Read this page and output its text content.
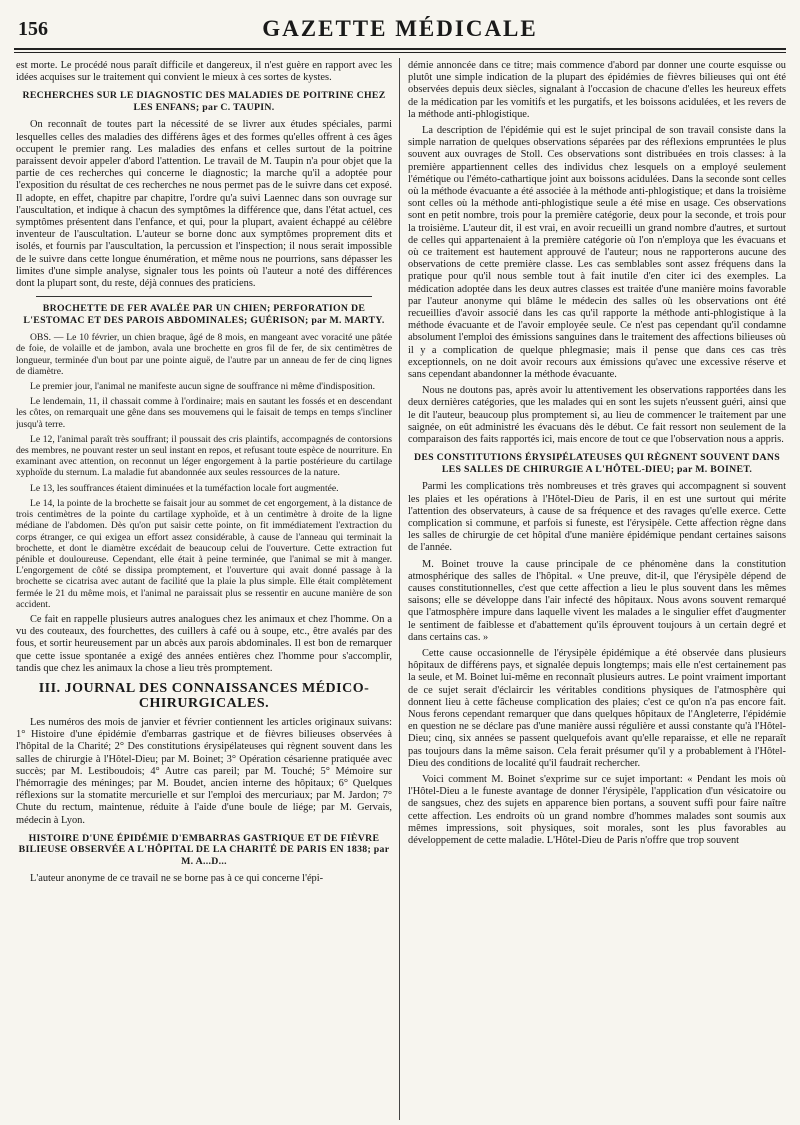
156	GAZETTE MÉDICALE

est morte. Le procédé nous paraît difficile et dangereux, il n'est guère en rapport avec les idées acquises sur le traitement qui convient le mieux à ces sortes de kystes.

RECHERCHES SUR LE DIAGNOSTIC DES MALADIES DE POITRINE CHEZ LES ENFANS; par C. TAUPIN.

On reconnaît de toutes part la nécessité de se livrer aux études spéciales, parmi lesquelles celles des maladies des différens âges et des formes qu'elles offrent à ces âges occupent le premier rang. Les maladies des enfans et celles surtout de la poitrine paraissent devoir appeler d'abord l'attention. Le travail de M. Taupin n'a pour objet que la partie de ces recherches qui concerne le diagnostic; la marche qu'il a adoptée pour l'exposition du résultat de ces recherches ne nous permet pas de le suivre dans cet exposé. Il adopte, en effet, chapitre par chapitre, l'ordre qu'a suivi Laennec dans son ouvrage sur l'auscultation, et indique à chacun des symptômes la différence que, dans l'état actuel, ces symptômes présentent dans l'enfance, et qui, pour la plupart, avaient échappé au célèbre inventeur de l'auscultation. L'auteur se borne donc aux symptômes proprement dits et isolés, et fournis par l'auscultation, la percussion et l'inspection; il nous serait impossible de le suivre dans cette longue énumération, et même nous ne pourrions, sans dépasser les limites d'une simple analyse, signaler tous les points où l'auteur a noté des différences dont la plupart sont, du reste, déjà connues des praticiens.

BROCHETTE DE FER AVALÉE PAR UN CHIEN; PERFORATION DE L'ESTOMAC ET DES PAROIS ABDOMINALES; GUÉRISON; par M. MARTY.

OBS. — Le 10 février, un chien braque, âgé de 8 mois, en mangeant avec voracité une pâtée de foie, de volaille et de jambon, avala une brochette en gros fil de fer, de six centimètres de longueur, terminée d'un bout par une pointe aiguë, de l'autre par un anneau de fer de cinq lignes de diamètre.

Le premier jour, l'animal ne manifeste aucun signe de souffrance ni même d'indisposition.

Le lendemain, 11, il chassait comme à l'ordinaire; mais en sautant les fossés et en descendant les côtes, on remarquait une gêne dans ses mouvemens qui le faisait de temps en temps s'incliner jusqu'à terre.

Le 12, l'animal paraît très souffrant; il poussait des cris plaintifs, accompagnés de contorsions des membres, ne pouvant rester un seul instant en repos, et refusant toute espèce de nourriture. En examinant avec attention, on reconnut un léger engorgement à la partie postérieure du cartilage xyphoïde du sternum. La maladie fut abandonnée aux seules ressources de la nature.

Le 13, les souffrances étaient diminuées et la tuméfaction locale fort augmentée.

Le 14, la pointe de la brochette se faisait jour au sommet de cet engorgement, à la distance de trois centimètres de la pointe du cartilage xyphoïde, et à un centimètre à droite de la ligne médiane de l'abdomen. Dès qu'on put saisir cette pointe, on fit immédiatement l'extraction du corps étranger, ce qui exigea un effort assez considérable, à cause de l'anneau qui terminait la brochette, et dont le diamètre excédait de beaucoup celui de l'ouverture. Cette extraction fut pénible et douloureuse. Cependant, elle était à peine terminée, que l'animal se mit à manger. L'engorgement de côté se dissipa promptement, et l'ouverture qui avait donné passage à la brochette se cicatrisa avec autant de facilité que la plaie la plus simple. Elle était complètement fermée le 21 du même mois, et l'animal ne paraissait plus se ressentir en aucune manière de son accident.

Ce fait en rappelle plusieurs autres analogues chez les animaux et chez l'homme. On a vu des couteaux, des fourchettes, des cuillers à café ou à soupe, etc., être avalés par des fous, et sortir heureusement par un abcès aux parois abdominales. Il est bon de remarquer que cette issue spontanée a exigé des années entières chez l'homme pour s'accomplir, tandis que chez les animaux la chose a lieu très promptement.

III. JOURNAL DES CONNAISSANCES MÉDICO-CHIRURGICALES.

Les numéros des mois de janvier et février contiennent les articles originaux suivans: 1° Histoire d'une épidémie d'embarras gastrique et de fièvres bilieuses observées à l'hôpital de la Charité; 2° Des constitutions érysipélateuses qui règnent souvent dans les salles de chirurgie à l'Hôtel-Dieu; par M. Boinet; 3° Opération césarienne pratiquée avec succès; par M. Lestiboudois; 4° Autre cas pareil; par M. Touché; 5° Mémoire sur l'hémorragie des méninges; par M. Boudet, ancien interne des hôpitaux; 6° Quelques réflexions sur la stomatite mercurielle et sur l'emploi des mercuriaux; par M. Jardon; 7° Chute du rectum, maintenue, réduite à l'aide d'une boule de liége; par M. Gervais, médecin à Lyon.

HISTOIRE D'UNE ÉPIDÉMIE D'EMBARRAS GASTRIQUE ET DE FIÈVRE BILIEUSE OBSERVÉE A L'HÔPITAL DE LA CHARITÉ DE PARIS EN 1838; par M. A...D...

L'auteur anonyme de ce travail ne se borne pas à ce qui concerne l'épi-

démie annoncée dans ce titre; mais commence d'abord par donner une courte esquisse ou plutôt une simple indication de la plupart des épidémies de fièvres bilieuses qui ont été observées depuis deux siècles, signalant à l'occasion de chacune d'elles les heureux effets de la médication par les vomitifs et les purgatifs, et les boissons acidulées, et les revers de la méthode anti-phlogistique.

La description de l'épidémie qui est le sujet principal de son travail consiste dans la simple narration de quelques observations séparées par des réflexions empruntées le plus souvent aux ouvrages de Stoll. Ces observations sont distribuées en trois classes: à la première appartiennent celles des individus chez lesquels on a employé seulement l'émétique ou l'éméto-cathartique joint aux boissons acidulées. Dans la seconde sont celles où la méthode évacuante a été associée à la méthode anti-phlogistique; et dans la troisième sont celles où la méthode anti-phlogistique seule a été mise en usage. Ces observations sont en petit nombre, trois pour la première catégorie, deux pour la seconde, et trois pour la troisième. L'auteur dit, il est vrai, en avoir recueilli un grand nombre d'autres, et surtout de celles qui appartenaient à la première catégorie où l'on n'employa que les évacuans et où ce traitement est hautement approuvé de l'auteur; nous ne rapporterons aucune des observations de cette première classe. Les cas semblables sont assez fréquens dans la pratique pour qu'il nous semble tout à fait inutile d'en citer ici des exemples. La médication adoptée dans les deux autres classes est traitée d'une manière moins favorable par l'auteur anonyme qui blâme le médecin des salles où les observations ont été recueillies d'avoir associé dans les cas qu'il rapporte la méthode anti-phlogistique à la méthode évacuante et de l'avoir employée seule. Ce n'est pas cependant qu'il condamne absolument l'emploi des émissions sanguines dans le traitement des affections bilieuses où il y a complication de quelque phlegmasie; mais il pense que dans ces cas très exceptionnels, on ne doit avoir recours aux émissions qu'avec une excessive réserve et sans cependant abandonner la méthode évacuante.

Nous ne doutons pas, après avoir lu attentivement les observations rapportées dans les deux dernières catégories, que les malades qui en sont les sujets n'eussent guéri, ainsi que le dit l'auteur, beaucoup plus promptement si, au lieu de commencer le traitement par une saignée, on eût administré les évacuans dès le début. Ce fait ressort non seulement de la comparaison des faits rapportés ici, mais encore de tout ce que l'observation nous a appris.

DES CONSTITUTIONS ÉRYSIPÉLATEUSES QUI RÈGNENT SOUVENT DANS LES SALLES DE CHIRURGIE A L'HÔTEL-DIEU; par M. BOINET.

Parmi les complications très nombreuses et très graves qui accompagnent si souvent les plaies et les opérations à l'Hôtel-Dieu de Paris, il en est une surtout qui mérite l'attention des observateurs, à cause de sa fréquence et des ravages qu'elle exerce. Cette complication si commune, et parfois si funeste, est l'érysipèle. Cette affection règne dans les salles de chirurgie de cet hôpital d'une manière épidémique pendant certaines saisons de l'année.

M. Boinet trouve la cause principale de ce phénomène dans la constitution atmosphérique des salles de l'hôpital. « Une preuve, dit-il, que l'érysipèle dépend de causes constitutionnelles, c'est que cette affection a lieu le plus souvent dans les mêmes saisons; elle se développe dans l'air infecté des hôpitaux. Nous avons souvent remarqué que l'atmosphère impure dans laquelle vivent les malades a le singulier effet d'augmenter le sentiment de faiblesse et d'abattement qu'ils éprouvent toujours à un certain degré et dans certains cas. »

Cette cause occasionnelle de l'érysipèle épidémique a été observée dans plusieurs hôpitaux de différens pays, et signalée depuis longtemps; mais elle n'est certainement pas la seule, et M. Boinet lui-même en reconnaît plusieurs autres. Le point vraiment important de ce sujet serait d'éclaircir les véritables conditions physiques de l'atmosphère qui donnent lieu à cette fâcheuse complication des plaies; c'est ce qu'on n'a pas encore fait. Nous ferons cependant remarquer que dans quelques hôpitaux de l'Angleterre, l'épidémie en question ne se déclare pas d'une manière aussi régulière et aussi constante qu'à l'Hôtel-Dieu; cinq, six années se passent quelquefois avant qu'elle reparaisse, et elle ne reparaît pas toujours dans la même saison. Cela ferait présumer qu'il y a probablement à l'Hôtel-Dieu des conditions de localité qu'il faudrait rechercher.

Voici comment M. Boinet s'exprime sur ce sujet important: « Pendant les mois où l'Hôtel-Dieu a le funeste avantage de donner l'érysipèle, l'application d'un vésicatoire ou de sangsues, chez des sujets en apparence bien portans, a souvent suffi pour faire naître cette affection. Les endroits où un grand nombre d'hommes malades sont soumis aux mêmes impressions, soit physiques, soit morales, sont les plus favorables au développement de cette maladie. L'Hôtel-Dieu de Paris n'offre que trop souvent
